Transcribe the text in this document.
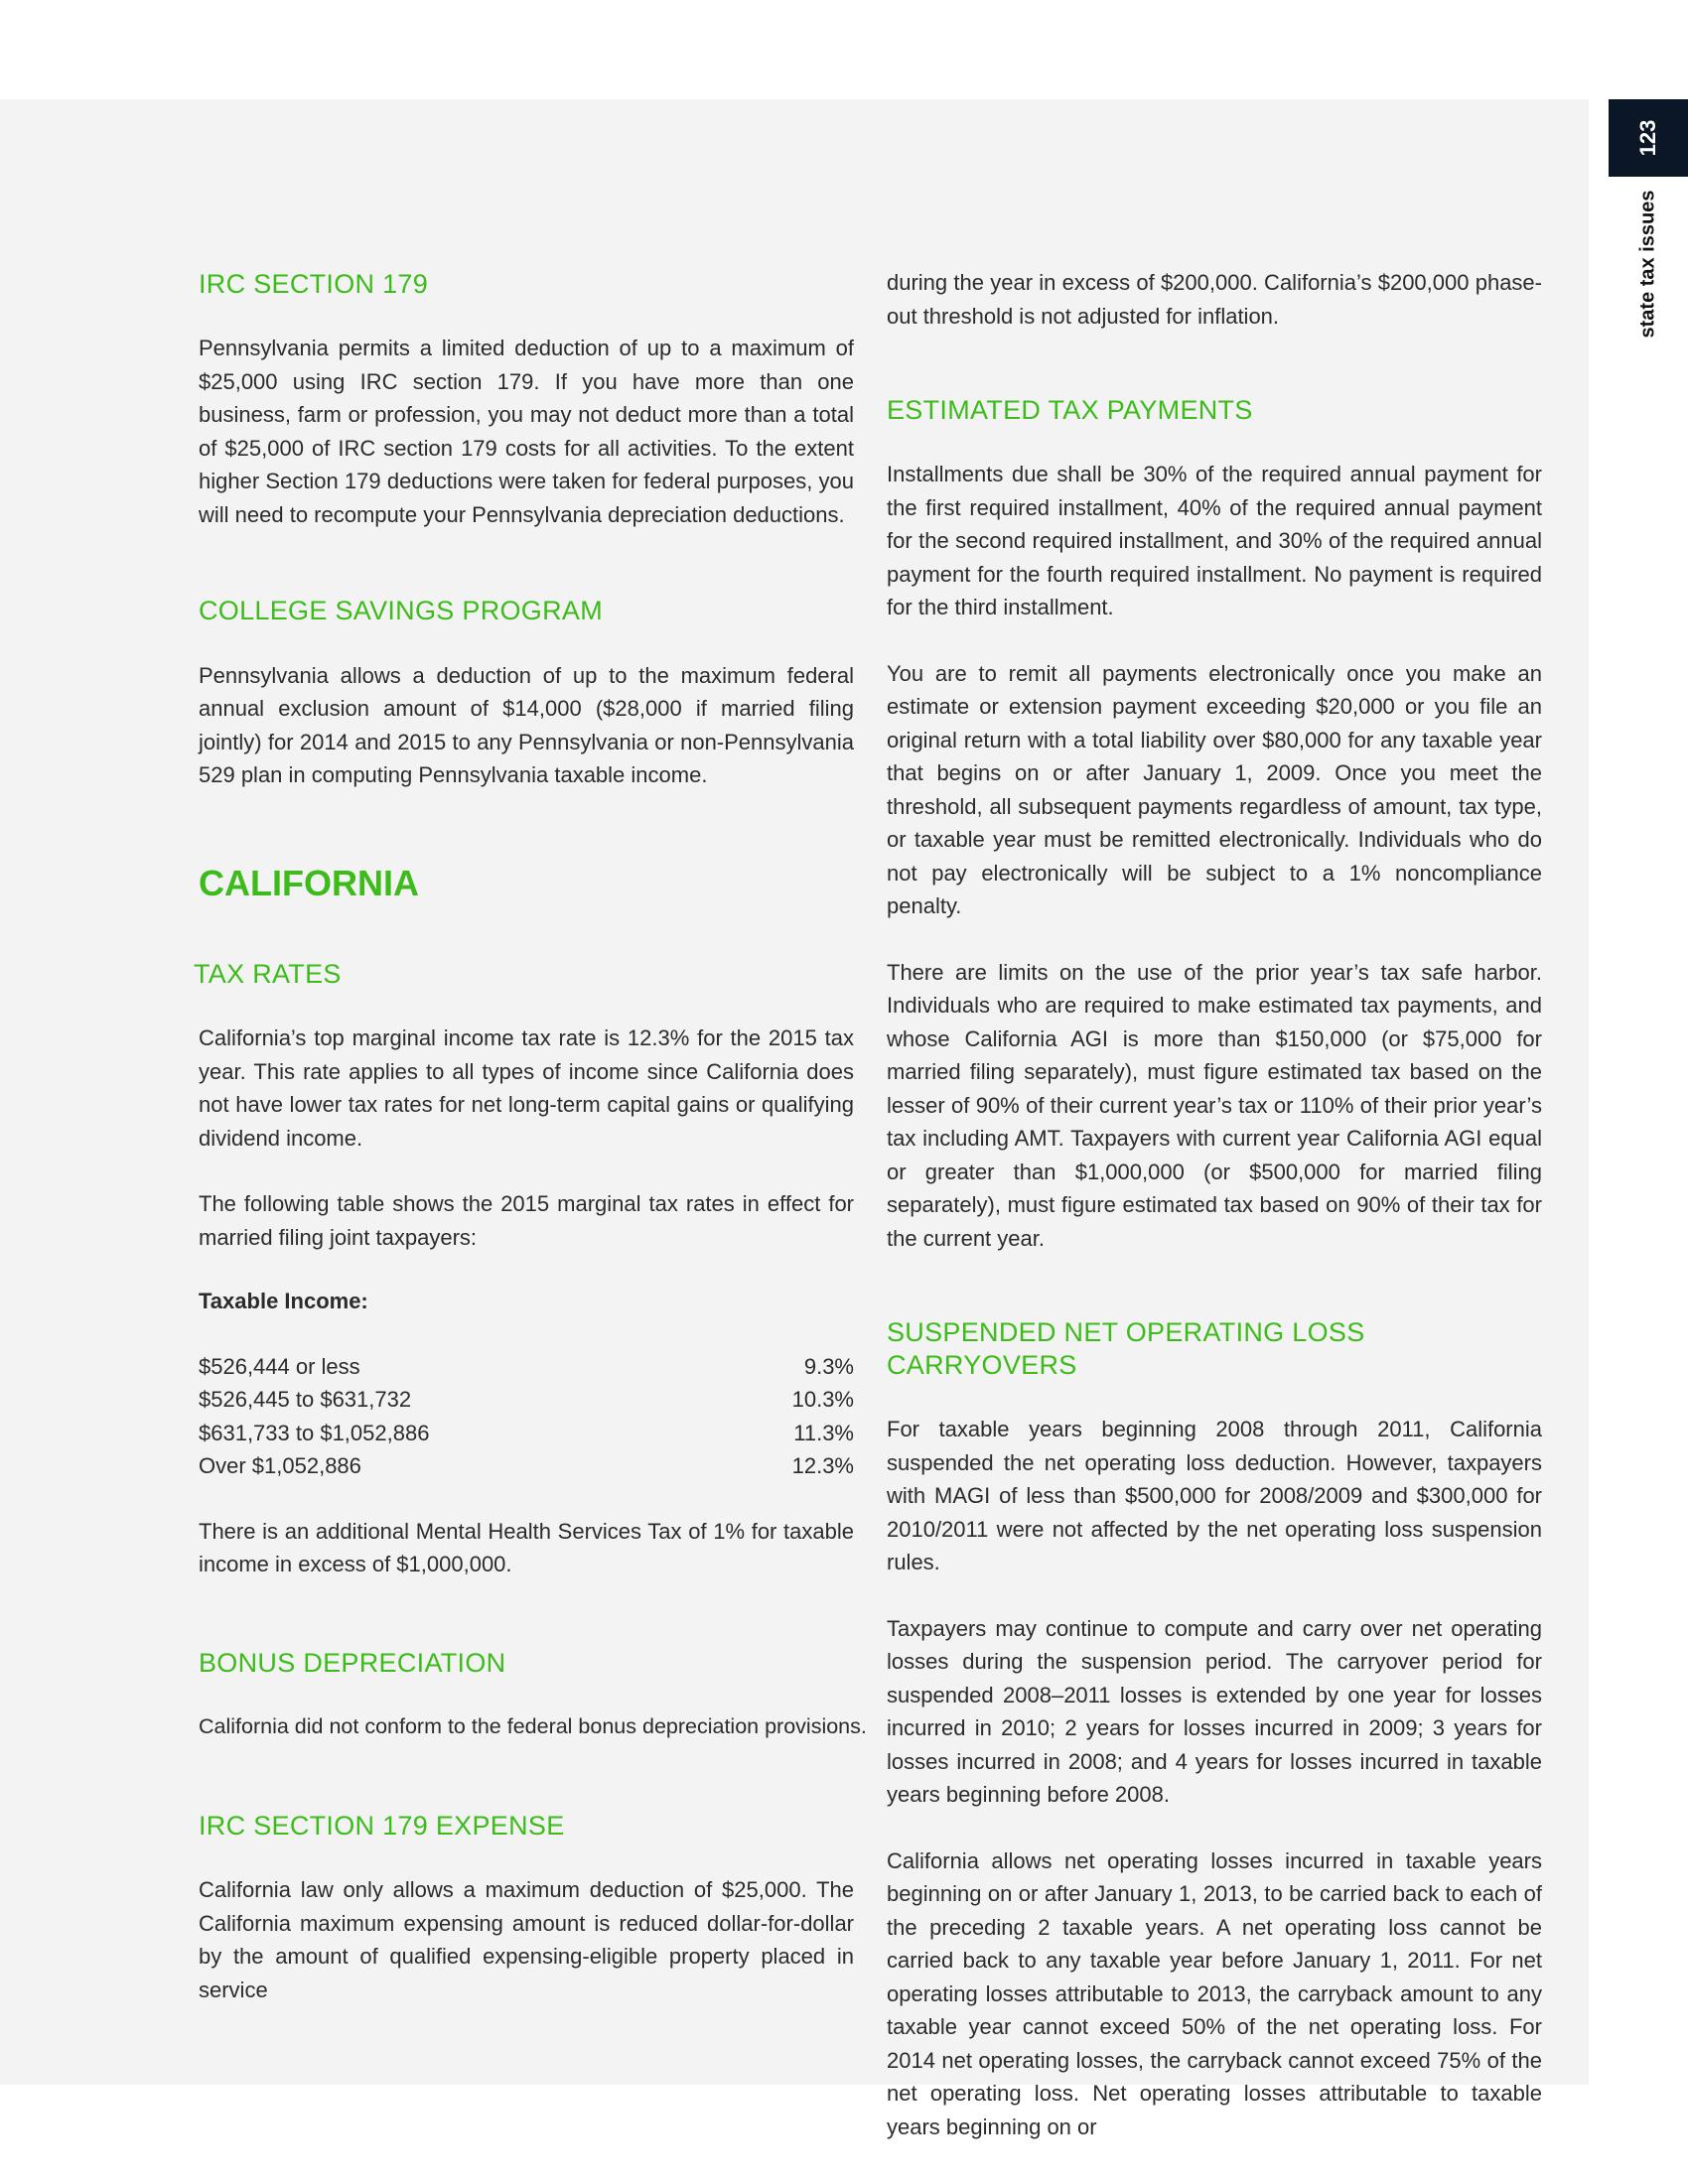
123
state tax issues
IRC SECTION 179

Pennsylvania permits a limited deduction of up to a maximum of $25,000 using IRC section 179. If you have more than one business, farm or profession, you may not deduct more than a total of $25,000 of IRC section 179 costs for all activities. To the extent higher Section 179 deductions were taken for federal purposes, you will need to recompute your Pennsylvania depreciation deductions.

COLLEGE SAVINGS PROGRAM

Pennsylvania allows a deduction of up to the maximum federal annual exclusion amount of $14,000 ($28,000 if married filing jointly) for 2014 and 2015 to any Pennsylvania or non-Pennsylvania 529 plan in computing Pennsylvania taxable income.

CALIFORNIA
TAX RATES

California’s top marginal income tax rate is 12.3% for the 2015 tax year. This rate applies to all types of income since California does not have lower tax rates for net long-term capital gains or qualifying dividend income.

The following table shows the 2015 marginal tax rates in effect for married filing joint taxpayers:

Taxable Income:
$526,444 or less	9.3%
$526,445 to $631,732	10.3%
$631,733 to $1,052,886	11.3%
Over $1,052,886	12.3%

There is an additional Mental Health Services Tax of 1% for taxable income in excess of $1,000,000.

BONUS DEPRECIATION

California did not conform to the federal bonus depreciation provisions.

IRC SECTION 179 EXPENSE

California law only allows a maximum deduction of $25,000. The California maximum expensing amount is reduced dollar-for-dollar by the amount of qualified expensing-eligible property placed in service

during the year in excess of $200,000. California’s $200,000 phase-out threshold is not adjusted for inflation.

ESTIMATED TAX PAYMENTS

Installments due shall be 30% of the required annual payment for the first required installment, 40% of the required annual payment for the second required installment, and 30% of the required annual payment for the fourth required installment. No payment is required for the third installment.

You are to remit all payments electronically once you make an estimate or extension payment exceeding $20,000 or you file an original return with a total liability over $80,000 for any taxable year that begins on or after January 1, 2009. Once you meet the threshold, all subsequent payments regardless of amount, tax type, or taxable year must be remitted electronically. Individuals who do not pay electronically will be subject to a 1% noncompliance penalty.

There are limits on the use of the prior year’s tax safe harbor. Individuals who are required to make estimated tax payments, and whose California AGI is more than $150,000 (or $75,000 for married filing separately), must figure estimated tax based on the lesser of 90% of their current year’s tax or 110% of their prior year’s tax including AMT. Taxpayers with current year California AGI equal or greater than $1,000,000 (or $500,000 for married filing separately), must figure estimated tax based on 90% of their tax for the current year.

SUSPENDED NET OPERATING LOSS CARRYOVERS

For taxable years beginning 2008 through 2011, California suspended the net operating loss deduction. However, taxpayers with MAGI of less than $500,000 for 2008/2009 and $300,000 for 2010/2011 were not affected by the net operating loss suspension rules.

Taxpayers may continue to compute and carry over net operating losses during the suspension period. The carryover period for suspended 2008–2011 losses is extended by one year for losses incurred in 2010; 2 years for losses incurred in 2009; 3 years for losses incurred in 2008; and 4 years for losses incurred in taxable years beginning before 2008.

California allows net operating losses incurred in taxable years beginning on or after January 1, 2013, to be carried back to each of the preceding 2 taxable years. A net operating loss cannot be carried back to any taxable year before January 1, 2011. For net operating losses attributable to 2013, the carryback amount to any taxable year cannot exceed 50% of the net operating loss. For 2014 net operating losses, the carryback cannot exceed 75% of the net operating loss. Net operating losses attributable to taxable years beginning on or
